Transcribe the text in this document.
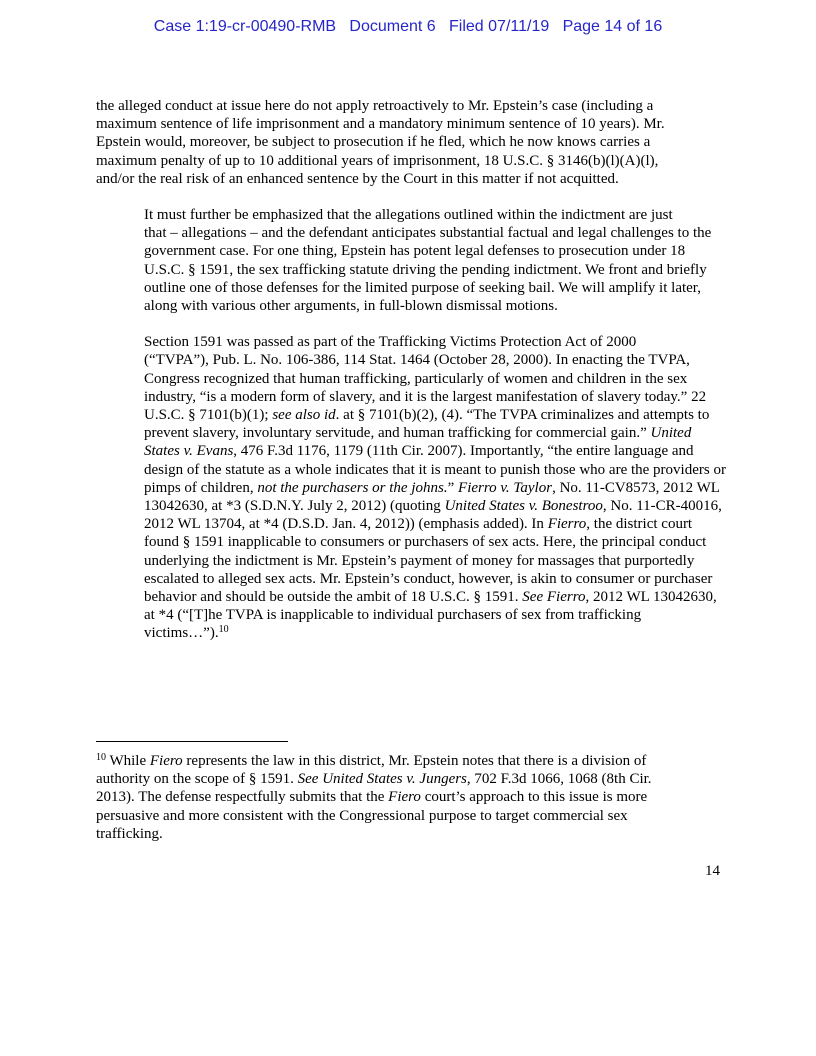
Case 1:19-cr-00490-RMB   Document 6   Filed 07/11/19   Page 14 of 16

the alleged conduct at issue here do not apply retroactively to Mr. Epstein’s case (including a
maximum sentence of life imprisonment and a mandatory minimum sentence of 10 years). Mr.
Epstein would, moreover, be subject to prosecution if he fled, which he now knows carries a
maximum penalty of up to 10 additional years of imprisonment, 18 U.S.C. § 3146(b)(l)(A)(l),
and/or the real risk of an enhanced sentence by the Court in this matter if not acquitted.

It must further be emphasized that the allegations outlined within the indictment are just
that – allegations – and the defendant anticipates substantial factual and legal challenges to the
government case. For one thing, Epstein has potent legal defenses to prosecution under 18
U.S.C. § 1591, the sex trafficking statute driving the pending indictment. We front and briefly
outline one of those defenses for the limited purpose of seeking bail. We will amplify it later,
along with various other arguments, in full-blown dismissal motions.

Section 1591 was passed as part of the Trafficking Victims Protection Act of 2000
(“TVPA”), Pub. L. No. 106-386, 114 Stat. 1464 (October 28, 2000). In enacting the TVPA,
Congress recognized that human trafficking, particularly of women and children in the sex
industry, “is a modern form of slavery, and it is the largest manifestation of slavery today.” 22
U.S.C. § 7101(b)(1); see also id. at § 7101(b)(2), (4). “The TVPA criminalizes and attempts to
prevent slavery, involuntary servitude, and human trafficking for commercial gain.” United
States v. Evans, 476 F.3d 1176, 1179 (11th Cir. 2007). Importantly, “the entire language and
design of the statute as a whole indicates that it is meant to punish those who are the providers or
pimps of children, not the purchasers or the johns.” Fierro v. Taylor, No. 11-CV8573, 2012 WL
13042630, at *3 (S.D.N.Y. July 2, 2012) (quoting United States v. Bonestroo, No. 11-CR-40016,
2012 WL 13704, at *4 (D.S.D. Jan. 4, 2012)) (emphasis added). In Fierro, the district court
found § 1591 inapplicable to consumers or purchasers of sex acts. Here, the principal conduct
underlying the indictment is Mr. Epstein’s payment of money for massages that purportedly
escalated to alleged sex acts. Mr. Epstein’s conduct, however, is akin to consumer or purchaser
behavior and should be outside the ambit of 18 U.S.C. § 1591. See Fierro, 2012 WL 13042630,
at *4 (“[T]he TVPA is inapplicable to individual purchasers of sex from trafficking
victims…”).$^{10}$

$^{10}$ While Fiero represents the law in this district, Mr. Epstein notes that there is a division of
authority on the scope of § 1591. See United States v. Jungers, 702 F.3d 1066, 1068 (8th Cir.
2013). The defense respectfully submits that the Fiero court’s approach to this issue is more
persuasive and more consistent with the Congressional purpose to target commercial sex
trafficking.
14
